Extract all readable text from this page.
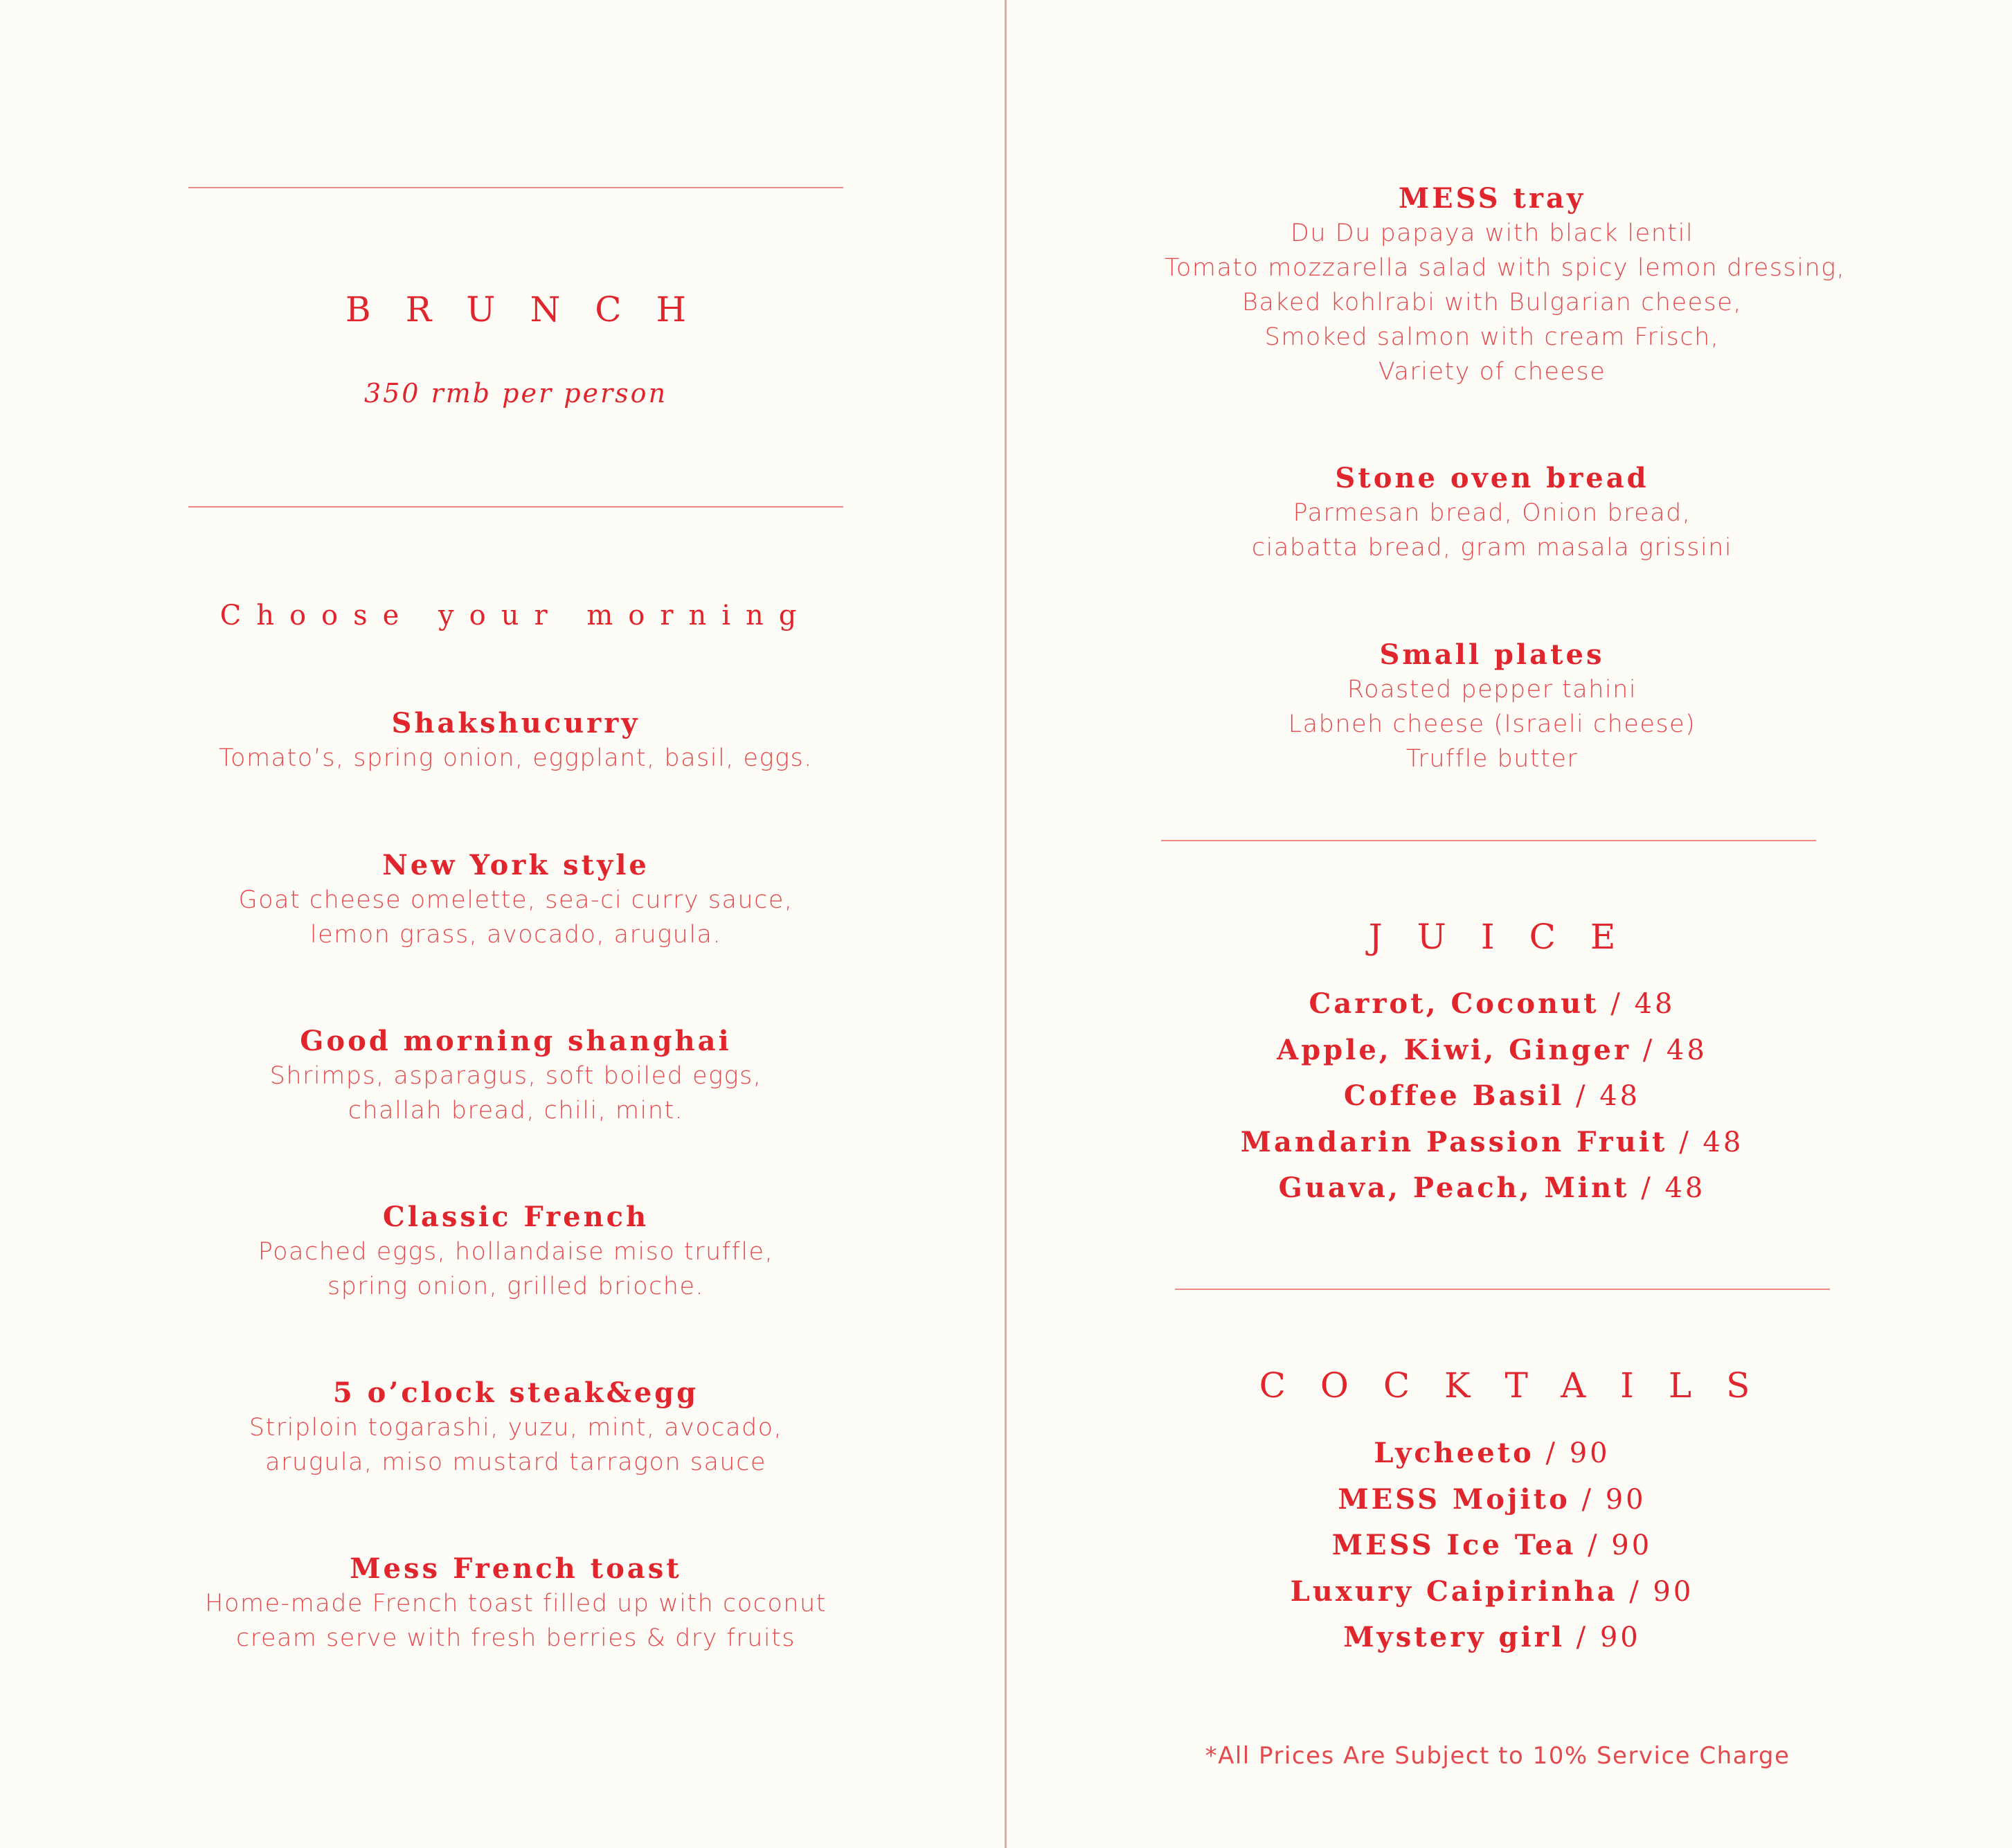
BRUNCH
350 rmb per person
Choose your morning
Shakshucurry
Tomato’s, spring onion, eggplant, basil, eggs.
New York style
Goat cheese omelette, sea-ci curry sauce,
lemon grass, avocado, arugula.
Good morning shanghai
Shrimps, asparagus, soft boiled eggs,
challah bread, chili, mint.
Classic French
Poached eggs, hollandaise miso truffle,
spring onion, grilled brioche.
5 o’clock steak&egg
Striploin togarashi, yuzu, mint, avocado,
arugula, miso mustard tarragon sauce
Mess French toast
Home-made French toast filled up with coconut
cream serve with fresh berries & dry fruits
MESS tray
Du Du papaya with black lentil
Tomato mozzarella salad with spicy lemon dressing,
Baked kohlrabi with Bulgarian cheese,
Smoked salmon with cream Frisch,
Variety of cheese
Stone oven bread
Parmesan bread, Onion bread,
ciabatta bread, gram masala grissini
Small plates
Roasted pepper tahini
Labneh cheese (Israeli cheese)
Truffle butter
JUICE
Carrot, Coconut / 48
Apple, Kiwi, Ginger / 48
Coffee Basil / 48
Mandarin Passion Fruit / 48
Guava, Peach, Mint / 48
COCKTAILS
Lycheeto / 90
MESS Mojito / 90
MESS Ice Tea / 90
Luxury Caipirinha / 90
Mystery girl / 90
*All Prices Are Subject to 10% Service Charge
